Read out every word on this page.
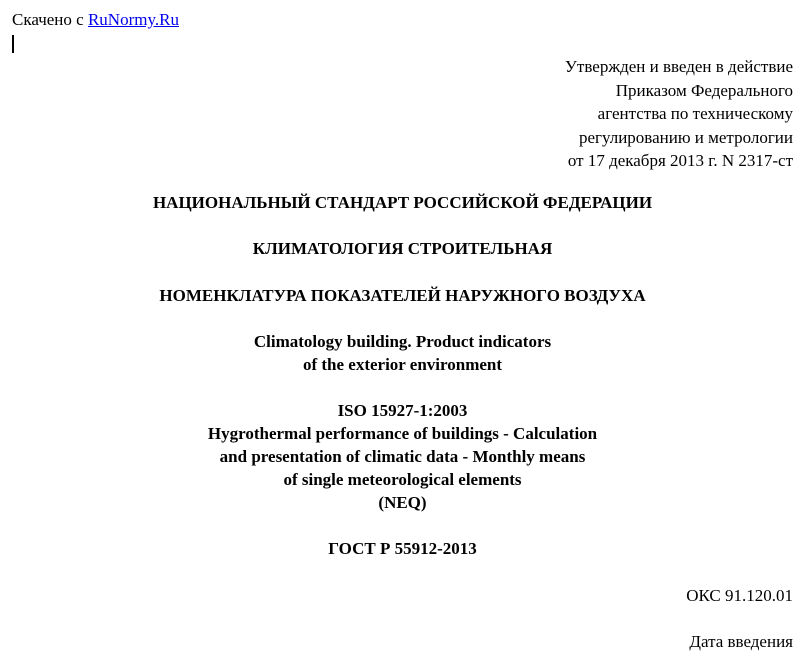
Скачено с RuNormy.Ru
Утвержден и введен в действие
Приказом Федерального
агентства по техническому
регулированию и метрологии
от 17 декабря 2013 г. N 2317-ст
НАЦИОНАЛЬНЫЙ СТАНДАРТ РОССИЙСКОЙ ФЕДЕРАЦИИ
КЛИМАТОЛОГИЯ СТРОИТЕЛЬНАЯ
НОМЕНКЛАТУРА ПОКАЗАТЕЛЕЙ НАРУЖНОГО ВОЗДУХА
Climatology building. Product indicators
of the exterior environment
ISO 15927-1:2003
Hygrothermal performance of buildings - Calculation
and presentation of climatic data - Monthly means
of single meteorological elements
(NEQ)
ГОСТ Р 55912-2013
ОКС 91.120.01
Дата введения
